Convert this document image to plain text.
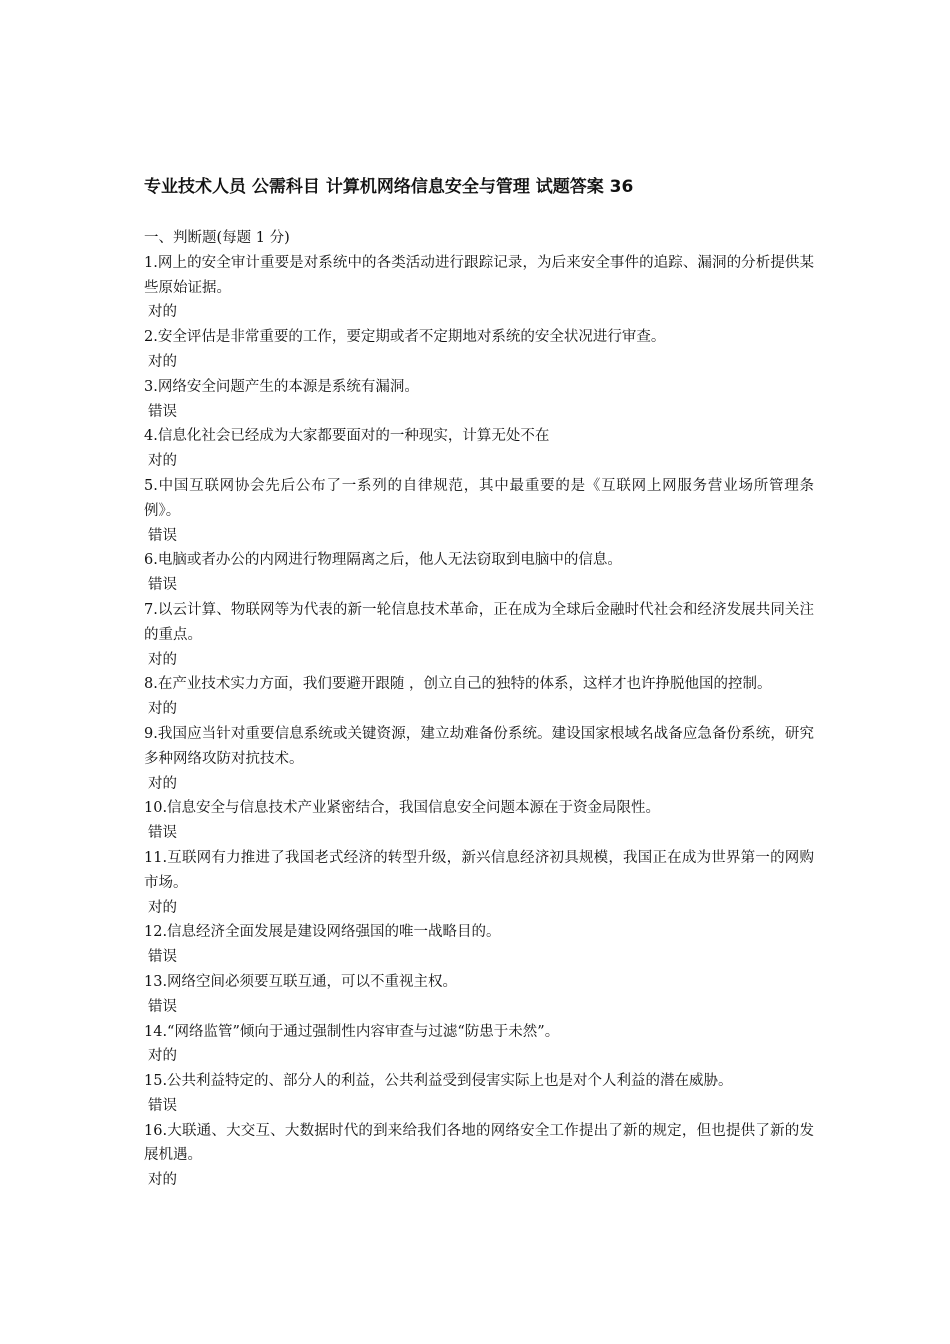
专业技术人员 公需科目 计算机网络信息安全与管理 试题答案 36
一、判断题(每题 1 分)
1.网上的安全审计重要是对系统中的各类活动进行跟踪记录，为后来安全事件的追踪、漏洞的分析提供某些原始证据。
对的
2.安全评估是非常重要的工作，要定期或者不定期地对系统的安全状况进行审查。
对的
3.网络安全问题产生的本源是系统有漏洞。
错误
4.信息化社会已经成为大家都要面对的一种现实，计算无处不在
对的
5.中国互联网协会先后公布了一系列的自律规范，其中最重要的是《互联网上网服务营业场所管理条例》。
错误
6.电脑或者办公的内网进行物理隔离之后，他人无法窃取到电脑中的信息。
错误
7.以云计算、物联网等为代表的新一轮信息技术革命，正在成为全球后金融时代社会和经济发展共同关注的重点。
对的
8.在产业技术实力方面，我们要避开跟随 ，创立自己的独特的体系，这样才也许挣脱他国的控制。
对的
9.我国应当针对重要信息系统或关键资源，建立劫难备份系统。建设国家根域名战备应急备份系统，研究多种网络攻防对抗技术。
对的
10.信息安全与信息技术产业紧密结合，我国信息安全问题本源在于资金局限性。
错误
11.互联网有力推进了我国老式经济的转型升级，新兴信息经济初具规模，我国正在成为世界第一的网购市场。
对的
12.信息经济全面发展是建设网络强国的唯一战略目的。
错误
13.网络空间必须要互联互通，可以不重视主权。
错误
14.“网络监管”倾向于通过强制性内容审查与过滤“防患于未然”。
对的
15.公共利益特定的、部分人的利益，公共利益受到侵害实际上也是对个人利益的潜在威胁。
错误
16.大联通、大交互、大数据时代的到来给我们各地的网络安全工作提出了新的规定，但也提供了新的发展机遇。
对的
